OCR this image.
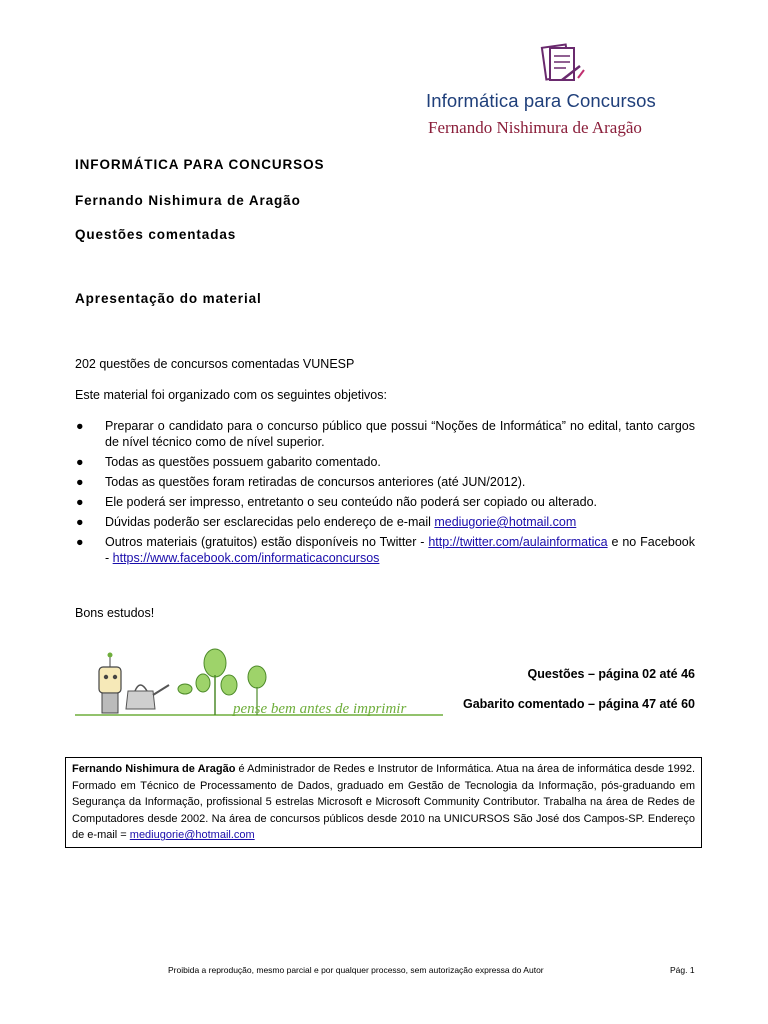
Informática para Concursos
Fernando Nishimura de Aragão
INFORMÁTICA PARA CONCURSOS
Fernando Nishimura de Aragão
Questões comentadas
Apresentação do material
202 questões de concursos comentadas VUNESP
Este material foi organizado com os seguintes objetivos:
● Preparar o candidato para o concurso público que possui “Noções de Informática” no edital, tanto cargos de nível técnico como de nível superior.
● Todas as questões possuem gabarito comentado.
● Todas as questões foram retiradas de concursos anteriores (até JUN/2012).
● Ele poderá ser impresso, entretanto o seu conteúdo não poderá ser copiado ou alterado.
● Dúvidas poderão ser esclarecidas pelo endereço de e-mail mediugorie@hotmail.com
● Outros materiais (gratuitos) estão disponíveis no Twitter - http://twitter.com/aulainformatica e no Facebook - https://www.facebook.com/informaticaconcursos
Bons estudos!
pense bem antes de imprimir
Questões – página 02 até 46
Gabarito comentado – página 47 até 60
Fernando Nishimura de Aragão é Administrador de Redes e Instrutor de Informática. Atua na área de informática desde 1992. Formado em Técnico de Processamento de Dados, graduado em Gestão de Tecnologia da Informação, pós-graduando em Segurança da Informação, profissional 5 estrelas Microsoft e Microsoft Community Contributor. Trabalha na área de Redes de Computadores desde 2002. Na área de concursos públicos desde 2010 na UNICURSOS São José dos Campos-SP. Endereço de e-mail = mediugorie@hotmail.com
Proibida a reprodução, mesmo parcial e por qualquer processo, sem autorização expressa do Autor	Pág. 1
